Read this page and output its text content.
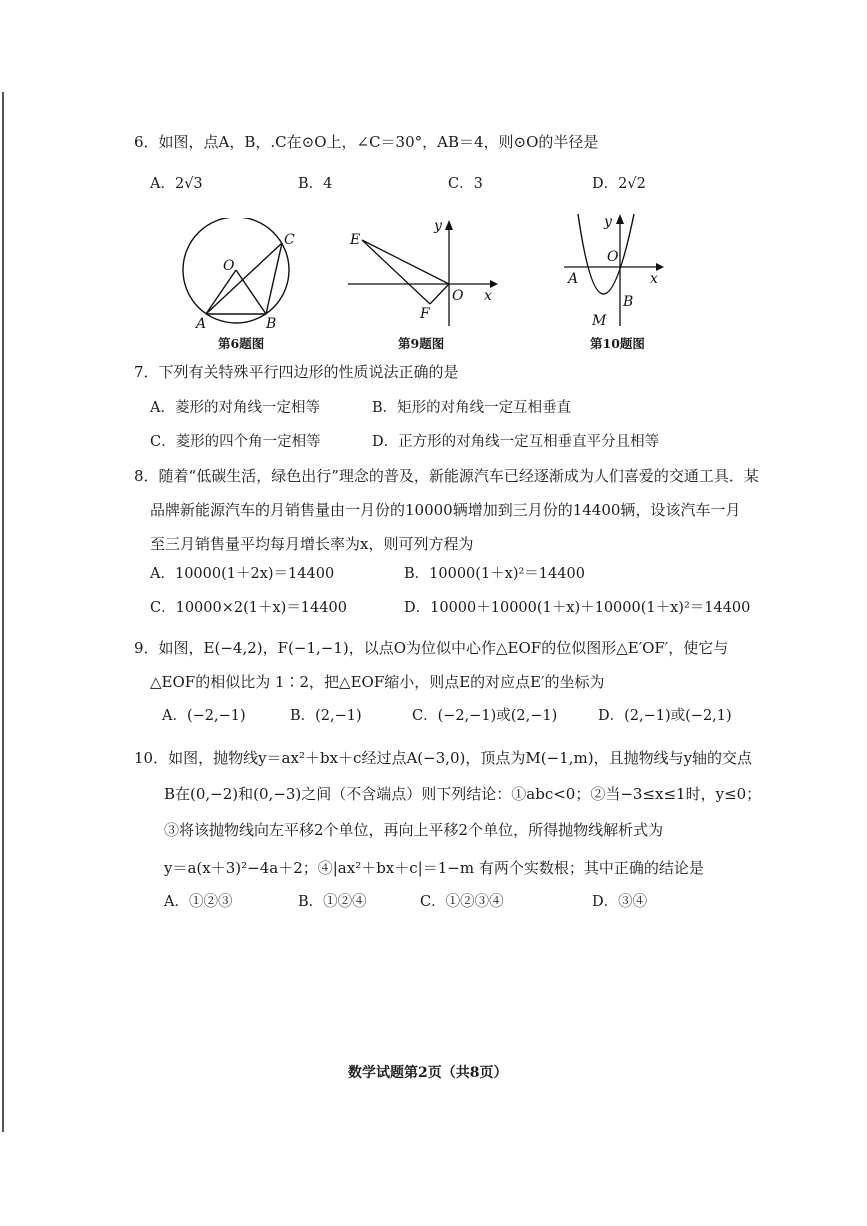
6．如图，点A，B，.C在⊙O上，∠C＝30°，AB＝4，则⊙O的半径是
A．2√3	B．4	C．3	D．2√2
O
A	B
C
第6题图
E
F
O x
y
第9题图
A
O
B
M
x
y
第10题图
7．下列有关特殊平行四边形的性质说法正确的是
A．菱形的对角线一定相等	B．矩形的对角线一定互相垂直
C．菱形的四个角一定相等	D．正方形的对角线一定互相垂直平分且相等
8．随着“低碳生活，绿色出行”理念的普及，新能源汽车已经逐渐成为人们喜爱的交通工具．某
品牌新能源汽车的月销售量由一月份的10000辆增加到三月份的14400辆，设该汽车一月
至三月销售量平均每月增长率为x，则可列方程为
A．10000(1＋2x)＝14400	B．10000(1＋x)²＝14400
C．10000×2(1＋x)＝14400	D．10000＋10000(1＋x)＋10000(1＋x)²＝14400
9．如图，E(−4,2)，F(−1,−1)，以点O为位似中心作△EOF的位似图形△E′OF′，使它与
△EOF的相似比为 1∶2，把△EOF缩小，则点E的对应点E′的坐标为
A．(−2,−1)	B．(2,−1)	C．(−2,−1)或(2,−1)	D．(2,−1)或(−2,1)
10．如图，抛物线y＝ax²＋bx＋c经过点A(−3,0)，顶点为M(−1,m)，且抛物线与y轴的交点
B在(0,−2)和(0,−3)之间（不含端点）则下列结论：①abc<0；②当−3≤x≤1时，y≤0；
③将该抛物线向左平移2个单位，再向上平移2个单位，所得抛物线解析式为
y＝a(x＋3)²−4a＋2；④|ax²＋bx＋c|＝1−m 有两个实数根；其中正确的结论是
A．①②③	B．①②④	C．①②③④	D．③④
数学试题第2页（共8页）
